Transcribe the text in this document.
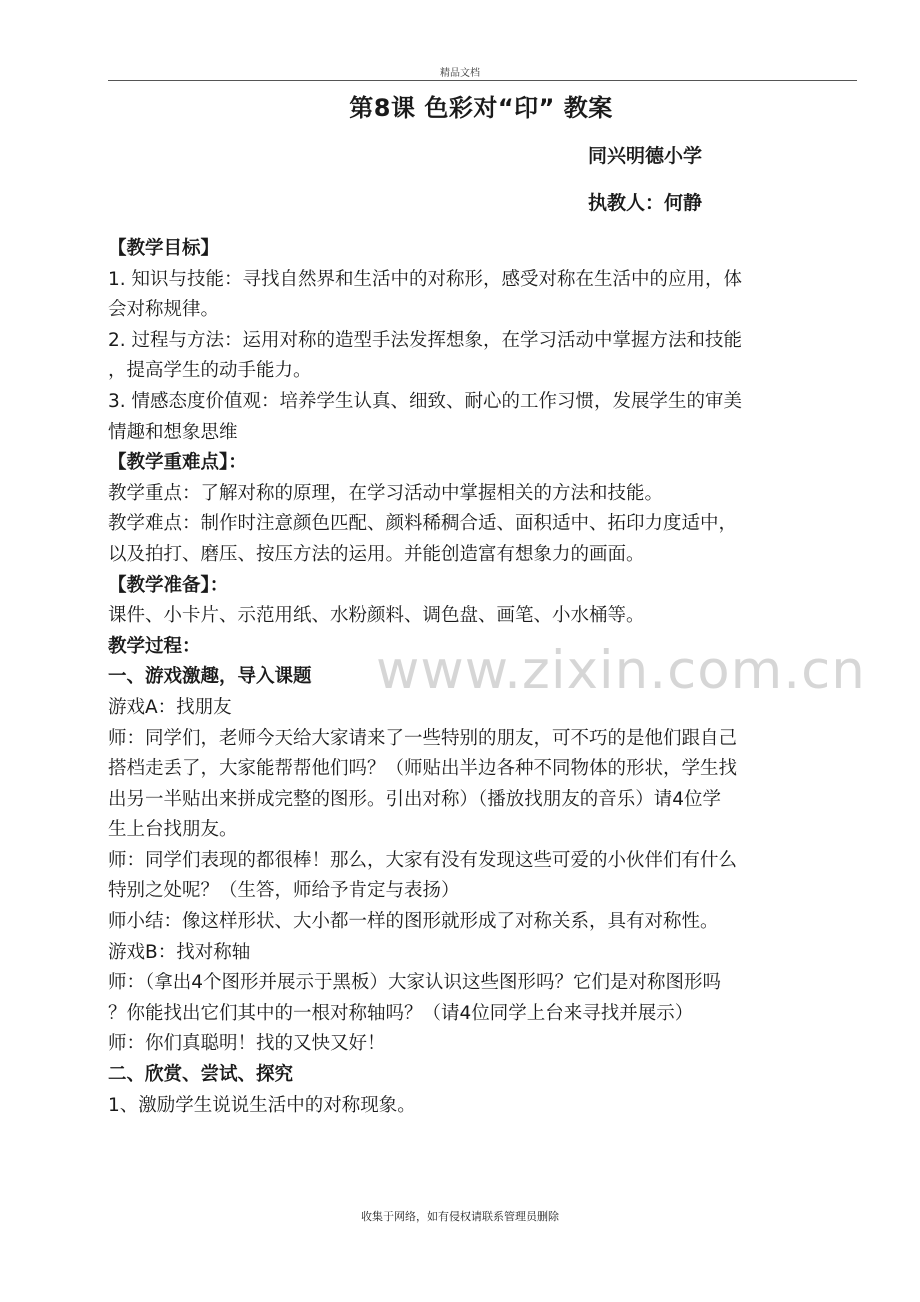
精品文档
第8课 色彩对“印” 教案
同兴明德小学
执教人：何静
www.zixin.com.cn

【教学目标】

1. 知识与技能：寻找自然界和生活中的对称形，感受对称在生活中的应用，体

会对称规律。

2. 过程与方法：运用对称的造型手法发挥想象，在学习活动中掌握方法和技能

，提高学生的动手能力。

3. 情感态度价值观：培养学生认真、细致、耐心的工作习惯，发展学生的审美

情趣和想象思维

【教学重难点】：

教学重点：了解对称的原理，在学习活动中掌握相关的方法和技能。

教学难点：制作时注意颜色匹配、颜料稀稠合适、面积适中、拓印力度适中，

以及拍打、磨压、按压方法的运用。并能创造富有想象力的画面。

【教学准备】：

课件、小卡片、示范用纸、水粉颜料、调色盘、画笔、小水桶等。

教学过程：

一、游戏激趣，导入课题

游戏A：找朋友

师：同学们，老师今天给大家请来了一些特别的朋友，可不巧的是他们跟自己

搭档走丢了，大家能帮帮他们吗？（师贴出半边各种不同物体的形状，学生找

出另一半贴出来拼成完整的图形。引出对称）（播放找朋友的音乐）请4位学

生上台找朋友。

师：同学们表现的都很棒！那么，大家有没有发现这些可爱的小伙伴们有什么

特别之处呢？（生答，师给予肯定与表扬）

师小结：像这样形状、大小都一样的图形就形成了对称关系，具有对称性。

游戏B：找对称轴

师：（拿出4个图形并展示于黑板）大家认识这些图形吗？它们是对称图形吗

？你能找出它们其中的一根对称轴吗？（请4位同学上台来寻找并展示）

师：你们真聪明！找的又快又好！

二、欣赏、尝试、探究

1、激励学生说说生活中的对称现象。

收集于网络，如有侵权请联系管理员删除
